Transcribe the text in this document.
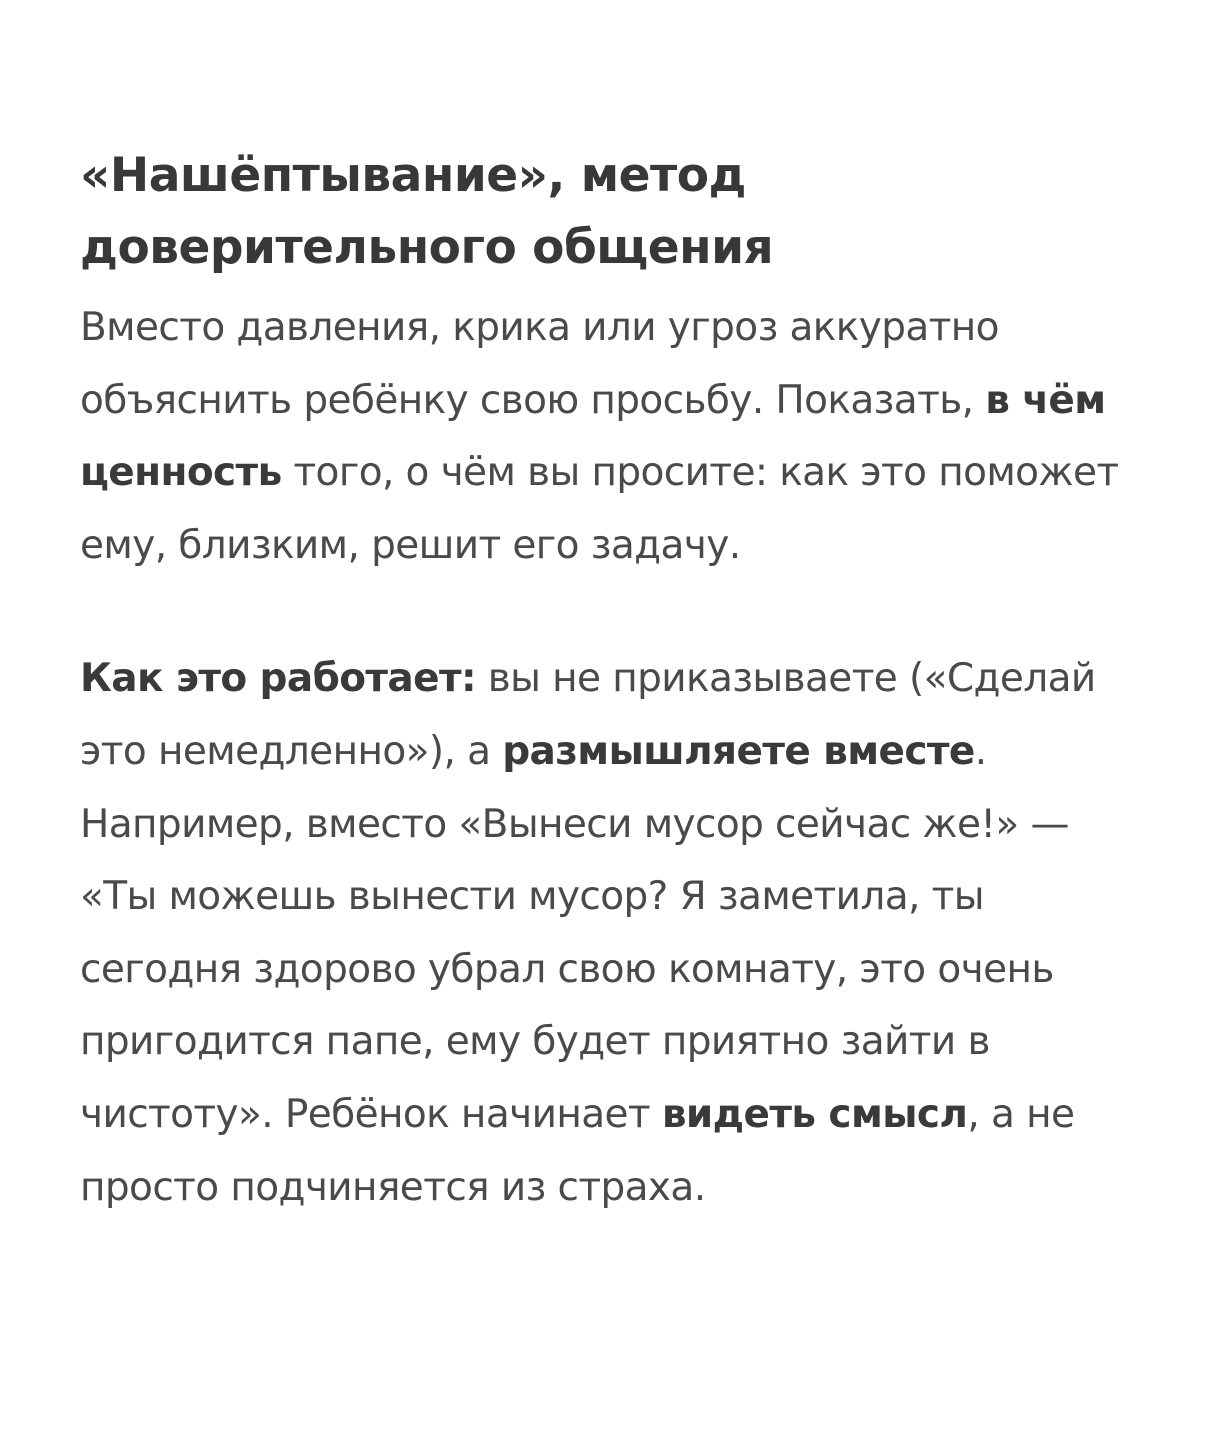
«Нашёптывание», метод доверительного общения

Вместо давления, крика или угроз аккуратно объяснить ребёнку свою просьбу. Показать, в чём ценность того, о чём вы просите: как это поможет ему, близким, решит его задачу.

Как это работает: вы не приказываете («Сделай это немедленно»), а размышляете вместе. Например, вместо «Вынеси мусор сейчас же!» — «Ты можешь вынести мусор? Я заметила, ты сегодня здорово убрал свою комнату, это очень пригодится папе, ему будет приятно зайти в чистоту». Ребёнок начинает видеть смысл, а не просто подчиняется из страха.
